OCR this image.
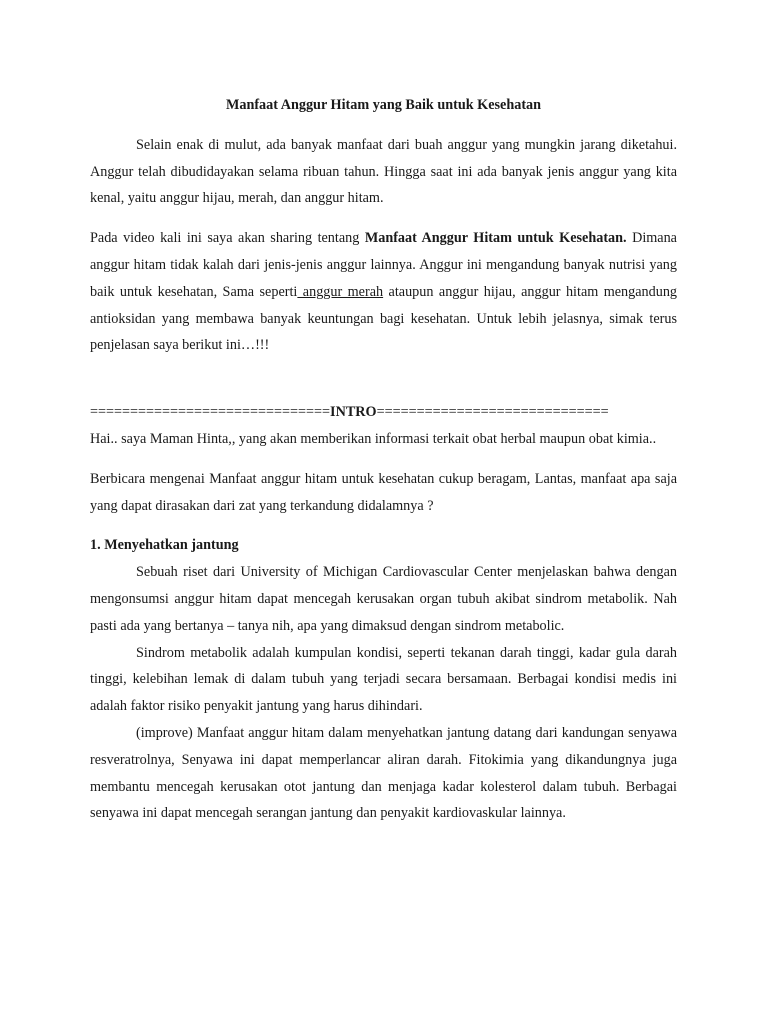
Manfaat Anggur Hitam yang Baik untuk Kesehatan

Selain enak di mulut, ada banyak manfaat dari buah anggur yang mungkin jarang diketahui. Anggur telah dibudidayakan selama ribuan tahun. Hingga saat ini ada banyak jenis anggur yang kita kenal, yaitu anggur hijau, merah, dan anggur hitam.

Pada video kali ini saya akan sharing tentang Manfaat Anggur Hitam untuk Kesehatan. Dimana anggur hitam tidak kalah dari jenis-jenis anggur lainnya. Anggur ini mengandung banyak nutrisi yang baik untuk kesehatan, Sama seperti anggur merah ataupun anggur hijau, anggur hitam mengandung antioksidan yang membawa banyak keuntungan bagi kesehatan. Untuk lebih jelasnya, simak terus penjelasan saya berikut ini…!!!

==============================INTRO=============================

Hai.. saya Maman Hinta,, yang akan memberikan informasi terkait obat herbal maupun obat kimia..

Berbicara mengenai Manfaat anggur hitam untuk kesehatan cukup beragam, Lantas, manfaat apa saja yang dapat dirasakan dari zat yang terkandung didalamnya ?

1. Menyehatkan jantung

Sebuah riset dari University of Michigan Cardiovascular Center menjelaskan bahwa dengan mengonsumsi anggur hitam dapat mencegah kerusakan organ tubuh akibat sindrom metabolik. Nah pasti ada yang bertanya – tanya nih, apa yang dimaksud dengan sindrom metabolic.

Sindrom metabolik adalah kumpulan kondisi, seperti tekanan darah tinggi, kadar gula darah tinggi, kelebihan lemak di dalam tubuh yang terjadi secara bersamaan. Berbagai kondisi medis ini adalah faktor risiko penyakit jantung yang harus dihindari.

(improve) Manfaat anggur hitam dalam menyehatkan jantung datang dari kandungan senyawa resveratrolnya, Senyawa ini dapat memperlancar aliran darah. Fitokimia yang dikandungnya juga membantu mencegah kerusakan otot jantung dan menjaga kadar kolesterol dalam tubuh. Berbagai senyawa ini dapat mencegah serangan jantung dan penyakit kardiovaskular lainnya.
